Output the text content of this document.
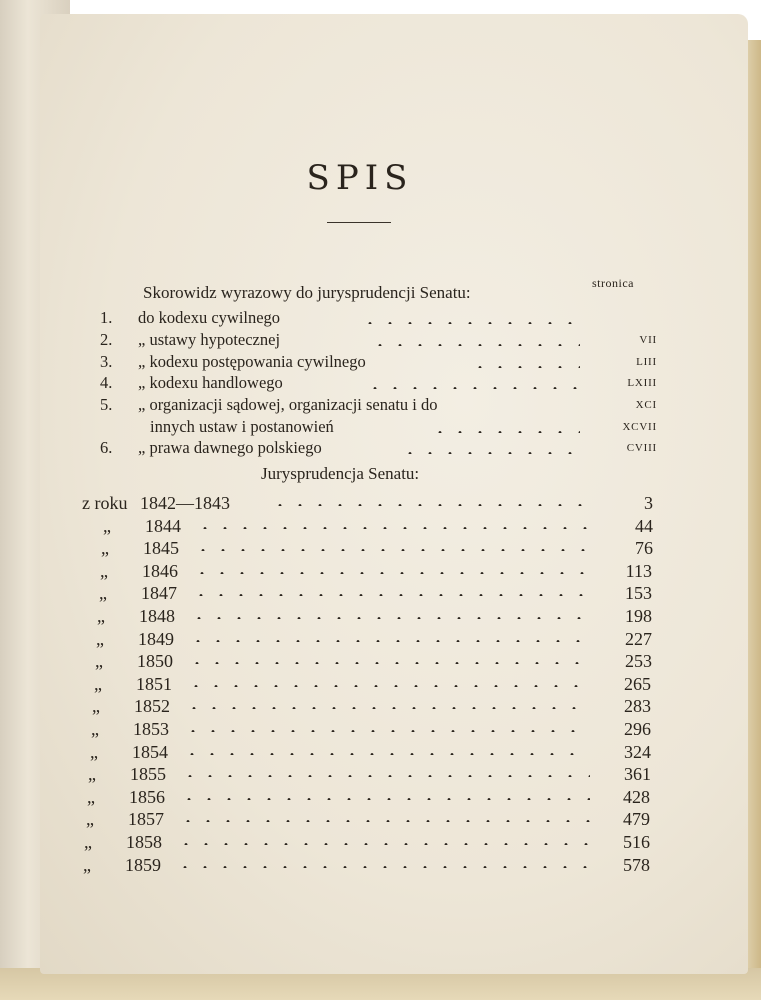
SPIS
stronica
Skorowidz wyrazowy do jurysprudencji Senatu:
1.	do kodexu cywilnego
2.	„ ustawy hypotecznej	VII
3.	„ kodexu postępowania cywilnego	LIII
4.	„ kodexu handlowego	LXIII
5.	„ organizacji sądowej, organizacji senatu i do	XCI
innych ustaw i postanowień	XCVII
6.	„ prawa dawnego polskiego	CVIII
Jurysprudencja Senatu:
z roku 1842—1843	3
„ 1844	44
„ 1845	76
„ 1846	113
„ 1847	153
„ 1848	198
„ 1849	227
„ 1850	253
„ 1851	265
„ 1852	283
„ 1853	296
„ 1854	324
„ 1855	361
„ 1856	428
„ 1857	479
„ 1858	516
„ 1859	578
